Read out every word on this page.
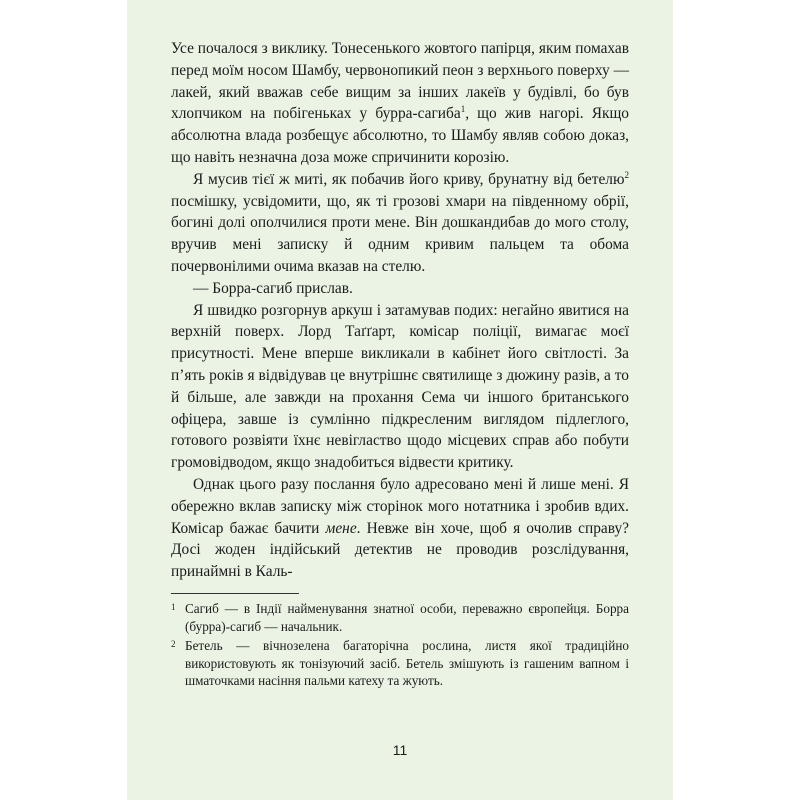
Усе почалося з виклику. Тонесенького жовтого папірця, яким помахав перед моїм носом Шамбу, червонопикий пеон з верхнього поверху — лакей, який вважав себе вищим за інших лакеїв у будівлі, бо був хлопчиком на побігеньках у бурра-сагиба$^1$, що жив нагорі. Якщо абсолютна влада розбещує абсолютно, то Шамбу являв собою доказ, що навіть незначна доза може спричинити корозію.

Я мусив тієї ж миті, як побачив його криву, брунатну від бетелю$^2$ посмішку, усвідомити, що, як ті грозові хмари на південному обрії, богині долі ополчилися проти мене. Він дошкандибав до мого столу, вручив мені записку й одним кривим пальцем та обома почервонілими очима вказав на стелю.

— Борра-сагиб прислав.

Я швидко розгорнув аркуш і затамував подих: негайно явитися на верхній поверх. Лорд Таґґарт, комісар поліції, вимагає моєї присутності. Мене вперше викликали в кабінет його світлості. За п’ять років я відвідував це внутрішнє святилище з дюжину разів, а то й більше, але завжди на прохання Сема чи іншого британського офіцера, завше із сумлінно підкресленим виглядом підлеглого, готового розвіяти їхнє невігластво щодо місцевих справ або побути громовідводом, якщо знадобиться відвести критику.

Однак цього разу послання було адресовано мені й лише мені. Я обережно вклав записку між сторінок мого нотатника і зробив вдих. Комісар бажає бачити мене. Невже він хоче, щоб я очолив справу? Досі жоден індійський детектив не проводив розслідування, принаймні в Каль-

1 Сагиб — в Індії найменування знатної особи, переважно європейця. Борра (бурра)-сагиб — начальник.
2 Бетель — вічнозелена багаторічна рослина, листя якої традиційно використовують як тонізуючий засіб. Бетель змішують із гашеним вапном і шматочками насіння пальми катеху та жують.
11
